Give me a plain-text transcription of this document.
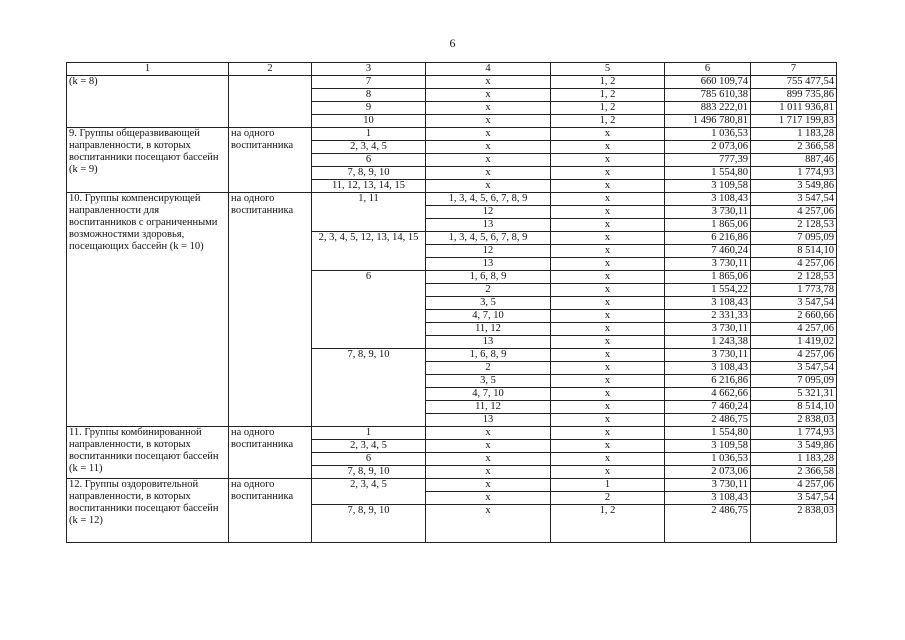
6
1	2	3	4	5	6	7
(k = 8)		7	x	1, 2	660 109,74	755 477,54
		8	x	1, 2	785 610,38	899 735,86
		9	x	1, 2	883 222,01	1 011 936,81
		10	x	1, 2	1 496 780,81	1 717 199,83
9. Группы общеразвивающей направленности, в которых воспитанники посещают бассейн (k = 9)	на одного воспитанника	1	x	x	1 036,53	1 183,28
		2, 3, 4, 5	x	x	2 073,06	2 366,58
		6	x	x	777,39	887,46
		7, 8, 9, 10	x	x	1 554,80	1 774,93
		11, 12, 13, 14, 15	x	x	3 109,58	3 549,86
10. Группы компенсирующей направленности для воспитанников с ограниченными возможностями здоровья, посещающих бассейн (k = 10)	на одного воспитанника	1, 11	1, 3, 4, 5, 6, 7, 8, 9	x	3 108,43	3 547,54
			12	x	3 730,11	4 257,06
			13	x	1 865,06	2 128,53
		2, 3, 4, 5, 12, 13, 14, 15	1, 3, 4, 5, 6, 7, 8, 9	x	6 216,86	7 095,09
			12	x	7 460,24	8 514,10
			13	x	3 730,11	4 257,06
		6	1, 6, 8, 9	x	1 865,06	2 128,53
			2	x	1 554,22	1 773,78
			3, 5	x	3 108,43	3 547,54
			4, 7, 10	x	2 331,33	2 660,66
			11, 12	x	3 730,11	4 257,06
			13	x	1 243,38	1 419,02
		7, 8, 9, 10	1, 6, 8, 9	x	3 730,11	4 257,06
			2	x	3 108,43	3 547,54
			3, 5	x	6 216,86	7 095,09
			4, 7, 10	x	4 662,66	5 321,31
			11, 12	x	7 460,24	8 514,10
			13	x	2 486,75	2 838,03
11. Группы комбинированной направленности, в которых воспитанники посещают бассейн (k = 11)	на одного воспитанника	1	x	x	1 554,80	1 774,93
		2, 3, 4, 5	x	x	3 109,58	3 549,86
		6	x	x	1 036,53	1 183,28
		7, 8, 9, 10	x	x	2 073,06	2 366,58
12. Группы оздоровительной направленности, в которых воспитанники посещают бассейн (k = 12)	на одного воспитанника	2, 3, 4, 5	x	1	3 730,11	4 257,06
			x	2	3 108,43	3 547,54
		7, 8, 9, 10	x	1, 2	2 486,75	2 838,03
